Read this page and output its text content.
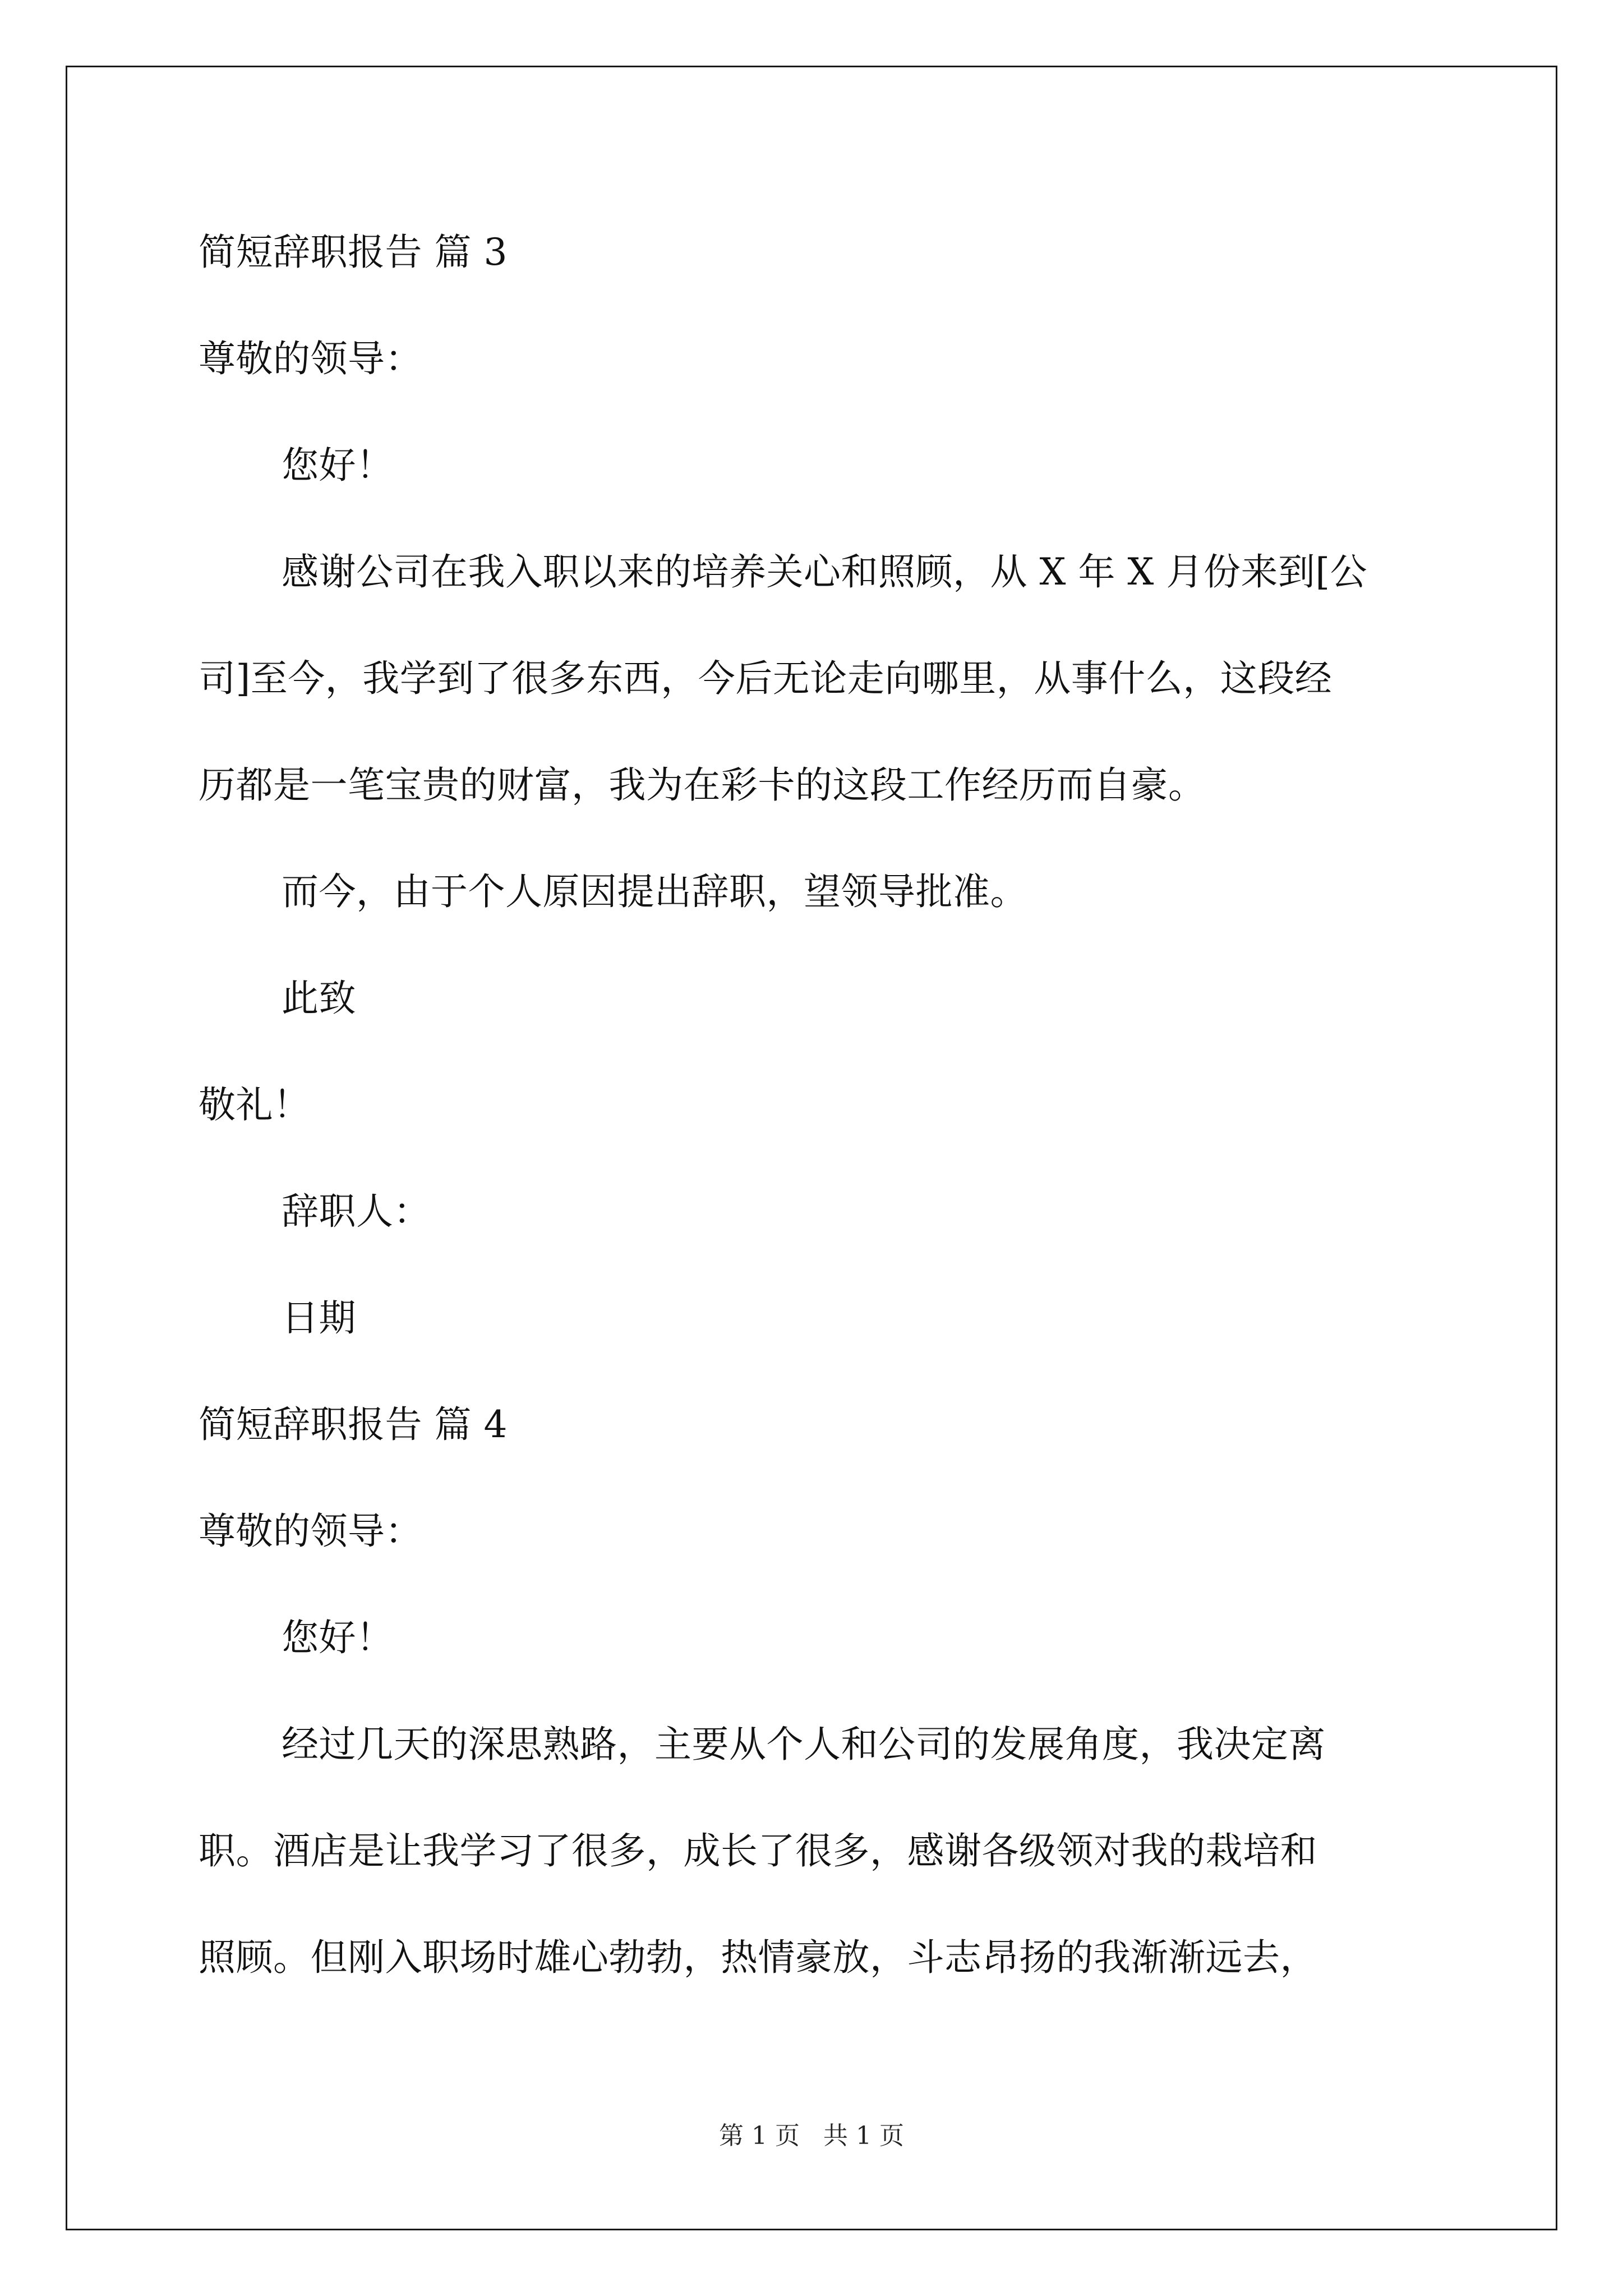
简短辞职报告 篇 3
尊敬的领导：
您好！
感谢公司在我入职以来的培养关心和照顾，从 X 年 X 月份来到[公
司]至今，我学到了很多东西，今后无论走向哪里，从事什么，这段经
历都是一笔宝贵的财富，我为在彩卡的这段工作经历而自豪。
而今，由于个人原因提出辞职，望领导批准。
此致
敬礼！
辞职人：
日期
简短辞职报告 篇 4
尊敬的领导：
您好！
经过几天的深思熟路，主要从个人和公司的发展角度，我决定离
职。酒店是让我学习了很多，成长了很多，感谢各级领对我的栽培和
照顾。但刚入职场时雄心勃勃，热情豪放，斗志昂扬的我渐渐远去，
第 1 页 共 1 页
